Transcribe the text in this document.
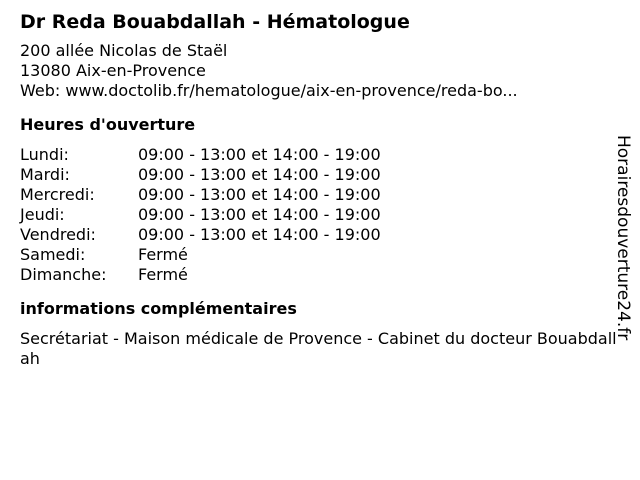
Dr Reda Bouabdallah - Hématologue
200 allée Nicolas de Staël
13080 Aix-en-Provence
Web: www.doctolib.fr/hematologue/aix-en-provence/reda-bo...
Heures d'ouverture
Lundi:	09:00 - 13:00 et 14:00 - 19:00
Mardi:	09:00 - 13:00 et 14:00 - 19:00
Mercredi:	09:00 - 13:00 et 14:00 - 19:00
Jeudi:	09:00 - 13:00 et 14:00 - 19:00
Vendredi:	09:00 - 13:00 et 14:00 - 19:00
Samedi:	Fermé
Dimanche:	Fermé
informations complémentaires
Secrétariat - Maison médicale de Provence - Cabinet du docteur Bouabdallah
Horairesdouverture24.fr
